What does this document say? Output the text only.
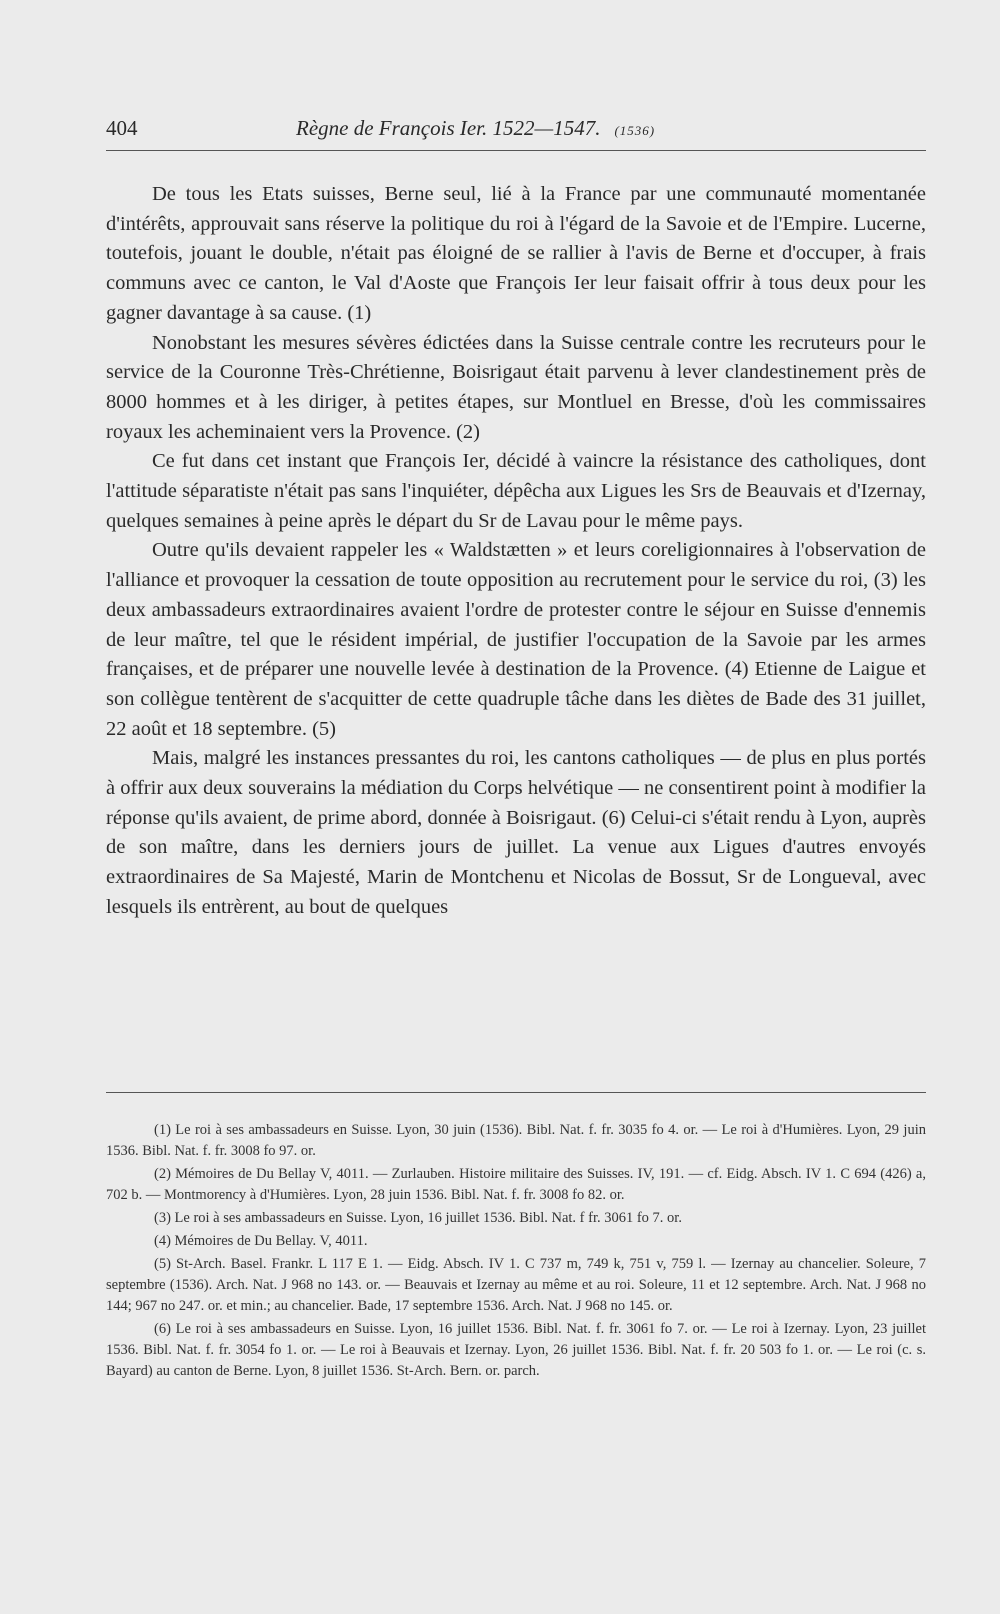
404	Règne de François Ier. 1522—1547. (1536)

De tous les Etats suisses, Berne seul, lié à la France par une communauté momentanée d'intérêts, approuvait sans réserve la politique du roi à l'égard de la Savoie et de l'Empire. Lucerne, toutefois, jouant le double, n'était pas éloigné de se rallier à l'avis de Berne et d'occuper, à frais communs avec ce canton, le Val d'Aoste que François Ier leur faisait offrir à tous deux pour les gagner davantage à sa cause. (1)

Nonobstant les mesures sévères édictées dans la Suisse centrale contre les recruteurs pour le service de la Couronne Très-Chrétienne, Boisrigaut était parvenu à lever clandestinement près de 8000 hommes et à les diriger, à petites étapes, sur Montluel en Bresse, d'où les commissaires royaux les acheminaient vers la Provence. (2)

Ce fut dans cet instant que François Ier, décidé à vaincre la résistance des catholiques, dont l'attitude séparatiste n'était pas sans l'inquiéter, dépêcha aux Ligues les Srs de Beauvais et d'Izernay, quelques semaines à peine après le départ du Sr de Lavau pour le même pays.

Outre qu'ils devaient rappeler les « Waldstætten » et leurs coreligionnaires à l'observation de l'alliance et provoquer la cessation de toute opposition au recrutement pour le service du roi, (3) les deux ambassadeurs extraordinaires avaient l'ordre de protester contre le séjour en Suisse d'ennemis de leur maître, tel que le résident impérial, de justifier l'occupation de la Savoie par les armes françaises, et de préparer une nouvelle levée à destination de la Provence. (4) Etienne de Laigue et son collègue tentèrent de s'acquitter de cette quadruple tâche dans les diètes de Bade des 31 juillet, 22 août et 18 septembre. (5)

Mais, malgré les instances pressantes du roi, les cantons catholiques — de plus en plus portés à offrir aux deux souverains la médiation du Corps helvétique — ne consentirent point à modifier la réponse qu'ils avaient, de prime abord, donnée à Boisrigaut. (6) Celui-ci s'était rendu à Lyon, auprès de son maître, dans les derniers jours de juillet. La venue aux Ligues d'autres envoyés extraordinaires de Sa Majesté, Marin de Montchenu et Nicolas de Bossut, Sr de Longueval, avec lesquels ils entrèrent, au bout de quelques

(1) Le roi à ses ambassadeurs en Suisse. Lyon, 30 juin (1536). Bibl. Nat. f. fr. 3035 fo 4. or. — Le roi à d'Humières. Lyon, 29 juin 1536. Bibl. Nat. f. fr. 3008 fo 97. or.

(2) Mémoires de Du Bellay V, 4011. — Zurlauben. Histoire militaire des Suisses. IV, 191. — cf. Eidg. Absch. IV 1. C 694 (426) a, 702 b. — Montmorency à d'Humières. Lyon, 28 juin 1536. Bibl. Nat. f. fr. 3008 fo 82. or.

(3) Le roi à ses ambassadeurs en Suisse. Lyon, 16 juillet 1536. Bibl. Nat. f fr. 3061 fo 7. or.

(4) Mémoires de Du Bellay. V, 4011.

(5) St-Arch. Basel. Frankr. L 117 E 1. — Eidg. Absch. IV 1. C 737 m, 749 k, 751 v, 759 l. — Izernay au chancelier. Soleure, 7 septembre (1536). Arch. Nat. J 968 no 143. or. — Beauvais et Izernay au même et au roi. Soleure, 11 et 12 septembre. Arch. Nat. J 968 no 144; 967 no 247. or. et min.; au chancelier. Bade, 17 septembre 1536. Arch. Nat. J 968 no 145. or.

(6) Le roi à ses ambassadeurs en Suisse. Lyon, 16 juillet 1536. Bibl. Nat. f. fr. 3061 fo 7. or. — Le roi à Izernay. Lyon, 23 juillet 1536. Bibl. Nat. f. fr. 3054 fo 1. or. — Le roi à Beauvais et Izernay. Lyon, 26 juillet 1536. Bibl. Nat. f. fr. 20 503 fo 1. or. — Le roi (c. s. Bayard) au canton de Berne. Lyon, 8 juillet 1536. St-Arch. Bern. or. parch.
